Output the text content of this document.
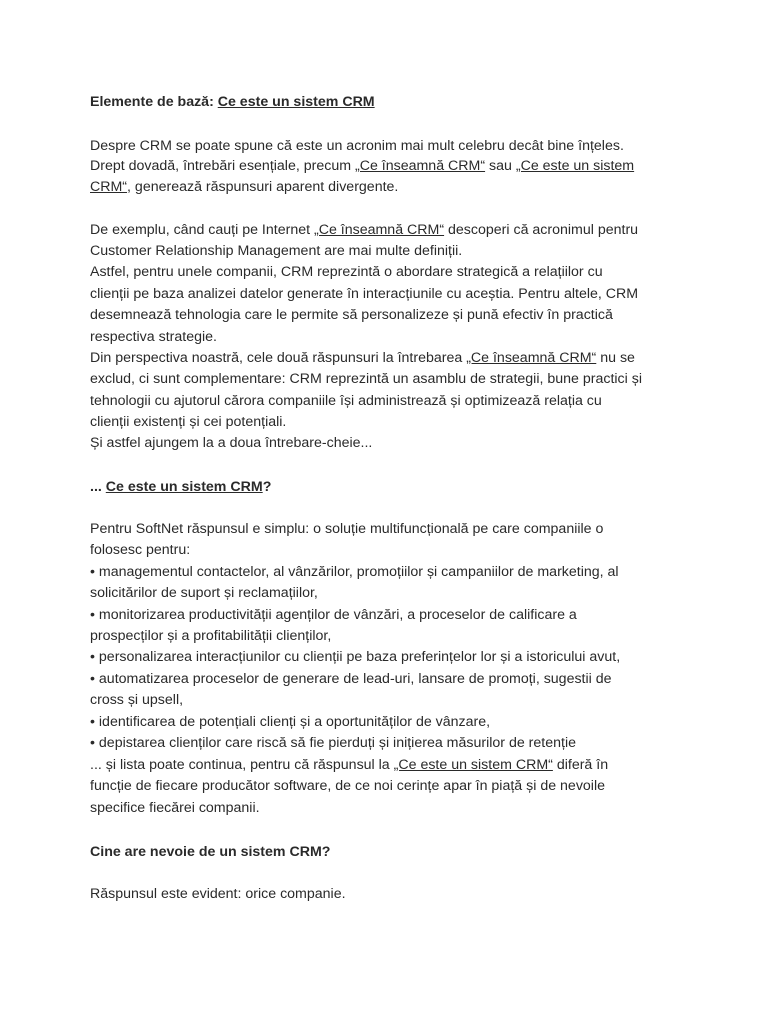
Elemente de bază: Ce este un sistem CRM
Despre CRM se poate spune că este un acronim mai mult celebru decât bine înțeles.
Drept dovadă, întrebări esențiale, precum „Ce înseamnă CRM“ sau „Ce este un sistem
CRM“, generează răspunsuri aparent divergente.
De exemplu, când cauți pe Internet „Ce înseamnă CRM“ descoperi că acronimul pentru
Customer Relationship Management are mai multe definiții.
Astfel, pentru unele companii, CRM reprezintă o abordare strategică a relațiilor cu
clienții pe baza analizei datelor generate în interacțiunile cu aceștia. Pentru altele, CRM
desemnează tehnologia care le permite să personalizeze și pună efectiv în practică
respectiva strategie.
Din perspectiva noastră, cele două răspunsuri la întrebarea „Ce înseamnă CRM“ nu se
exclud, ci sunt complementare: CRM reprezintă un asamblu de strategii, bune practici și
tehnologii cu ajutorul cărora companiile își administrează și optimizează relația cu
clienții existenți și cei potențiali.
Și astfel ajungem la a doua întrebare-cheie...
... Ce este un sistem CRM?
Pentru SoftNet răspunsul e simplu: o soluție multifuncțională pe care companiile o
folosesc pentru:
• managementul contactelor, al vânzărilor, promoțiilor și campaniilor de marketing, al
solicitărilor de suport și reclamațiilor,
• monitorizarea productivității agenților de vânzări, a proceselor de calificare a
prospecților și a profitabilității clienților,
• personalizarea interacțiunilor cu clienții pe baza preferințelor lor și a istoricului avut,
• automatizarea proceselor de generare de lead-uri, lansare de promoți, sugestii de
cross și upsell,
• identificarea de potențiali clienți și a oportunităților de vânzare,
• depistarea clienților care riscă să fie pierduți și inițierea măsurilor de retenție
... și lista poate continua, pentru că răspunsul la „Ce este un sistem CRM“ diferă în
funcție de fiecare producător software, de ce noi cerințe apar în piață și de nevoile
specifice fiecărei companii.
Cine are nevoie de un sistem CRM?
Răspunsul este evident: orice companie.
